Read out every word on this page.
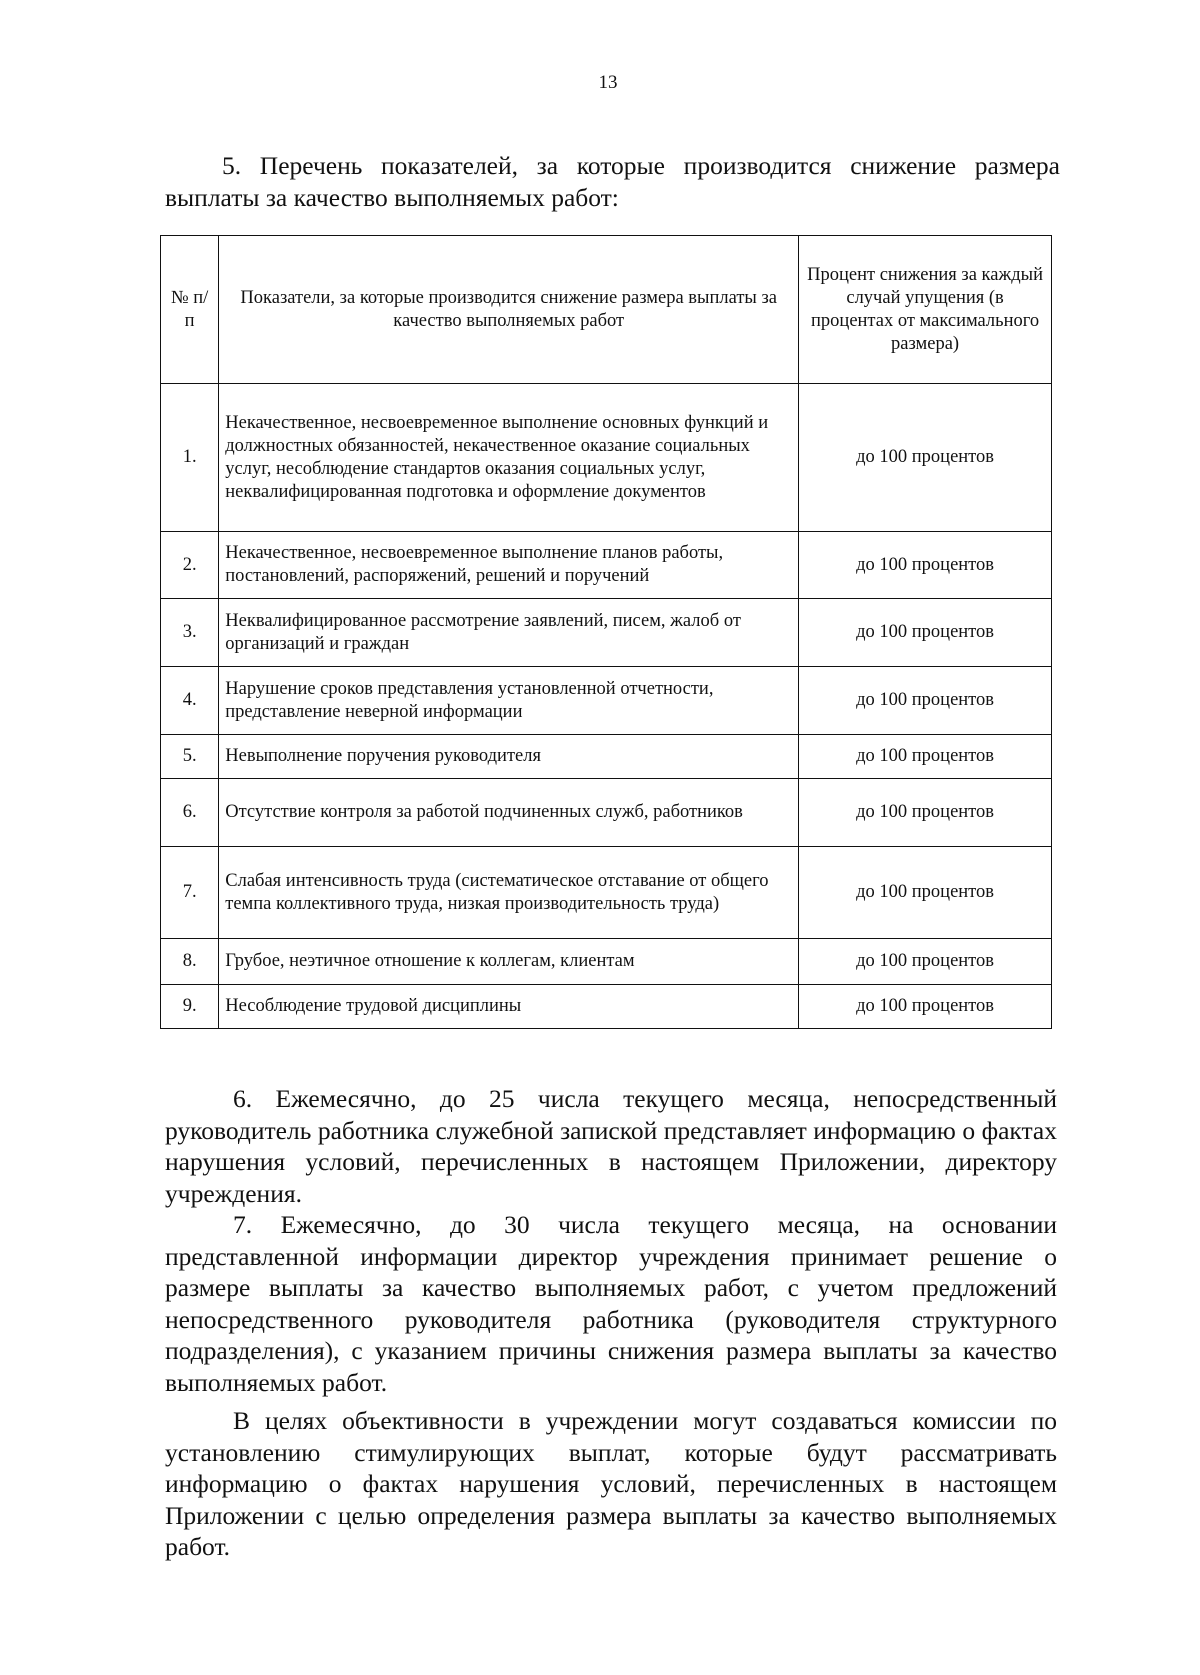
13

5. Перечень показателей, за которые производится снижение размера выплаты за качество выполняемых работ:

№ п/п	Показатели, за которые производится снижение размера выплаты за качество выполняемых работ	Процент снижения за каждый случай упущения (в процентах от максимального размера)
1.	Некачественное, несвоевременное выполнение основных функций и должностных обязанностей, некачественное оказание социальных услуг, несоблюдение стандартов оказания социальных услуг, неквалифицированная подготовка и оформление документов	до 100 процентов
2.	Некачественное, несвоевременное выполнение планов работы, постановлений, распоряжений, решений и поручений	до 100 процентов
3.	Неквалифицированное рассмотрение заявлений, писем, жалоб от организаций и граждан	до 100 процентов
4.	Нарушение сроков представления установленной отчетности, представление неверной информации	до 100 процентов
5.	Невыполнение поручения руководителя	до 100 процентов
6.	Отсутствие контроля за работой подчиненных служб, работников	до 100 процентов
7.	Слабая интенсивность труда (систематическое отставание от общего темпа коллективного труда, низкая производительность труда)	до 100 процентов
8.	Грубое, неэтичное отношение к коллегам, клиентам	до 100 процентов
9.	Несоблюдение трудовой дисциплины	до 100 процентов

6. Ежемесячно, до 25 числа текущего месяца, непосредственный руководитель работника служебной запиской представляет информацию о фактах нарушения условий, перечисленных в настоящем Приложении, директору учреждения.

7. Ежемесячно, до 30 числа текущего месяца, на основании представленной информации директор учреждения принимает решение о размере выплаты за качество выполняемых работ, с учетом предложений непосредственного руководителя работника (руководителя структурного подразделения), с указанием причины снижения размера выплаты за качество выполняемых работ.

В целях объективности в учреждении могут создаваться комиссии по установлению стимулирующих выплат, которые будут рассматривать информацию о фактах нарушения условий, перечисленных в настоящем Приложении с целью определения размера выплаты за качество выполняемых работ.
